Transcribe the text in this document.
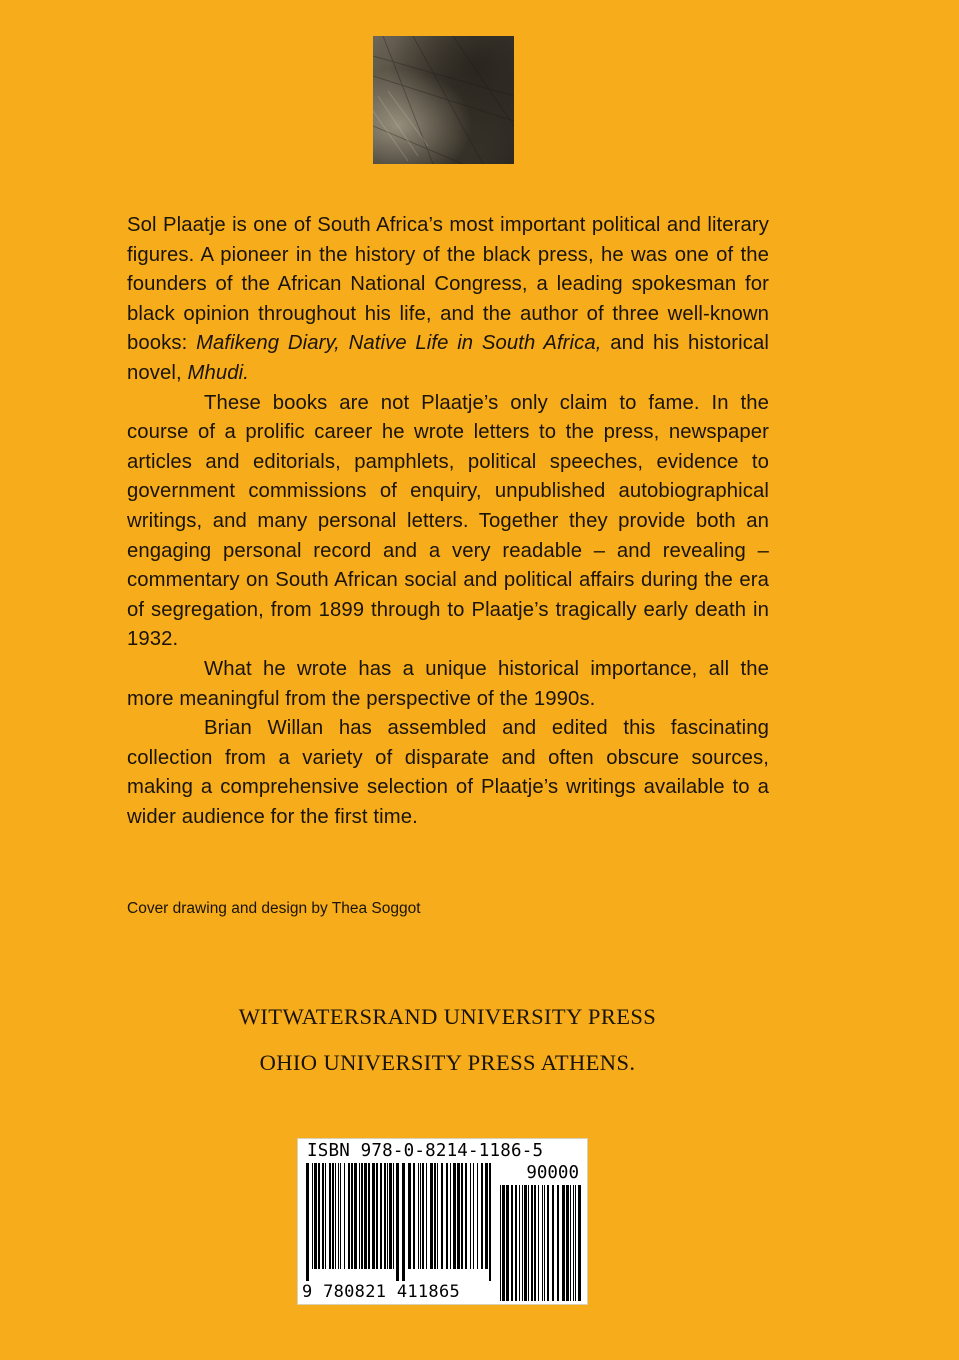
Sol Plaatje is one of South Africa’s most important political and literary figures. A pioneer in the history of the black press, he was one of the founders of the African National Congress, a leading spokesman for black opinion throughout his life, and the author of three well-known books: Mafikeng Diary, Native Life in South Africa, and his historical novel, Mhudi.

These books are not Plaatje’s only claim to fame. In the course of a prolific career he wrote letters to the press, newspaper articles and editorials, pamphlets, political speeches, evidence to government commissions of enquiry, unpublished autobiographical writings, and many personal letters. Together they provide both an engaging personal record and a very readable – and revealing – commentary on South African social and political affairs during the era of segregation, from 1899 through to Plaatje’s tragically early death in 1932.

What he wrote has a unique historical importance, all the more meaningful from the perspective of the 1990s.

Brian Willan has assembled and edited this fascinating collection from a variety of disparate and often obscure sources, making a comprehensive selection of Plaatje’s writings available to a wider audience for the first time.

Cover drawing and design by Thea Soggot
WITWATERSRAND UNIVERSITY PRESS
OHIO UNIVERSITY PRESS ATHENS.
ISBN 978-0-8214-1186-5
90000
9 780821 411865
